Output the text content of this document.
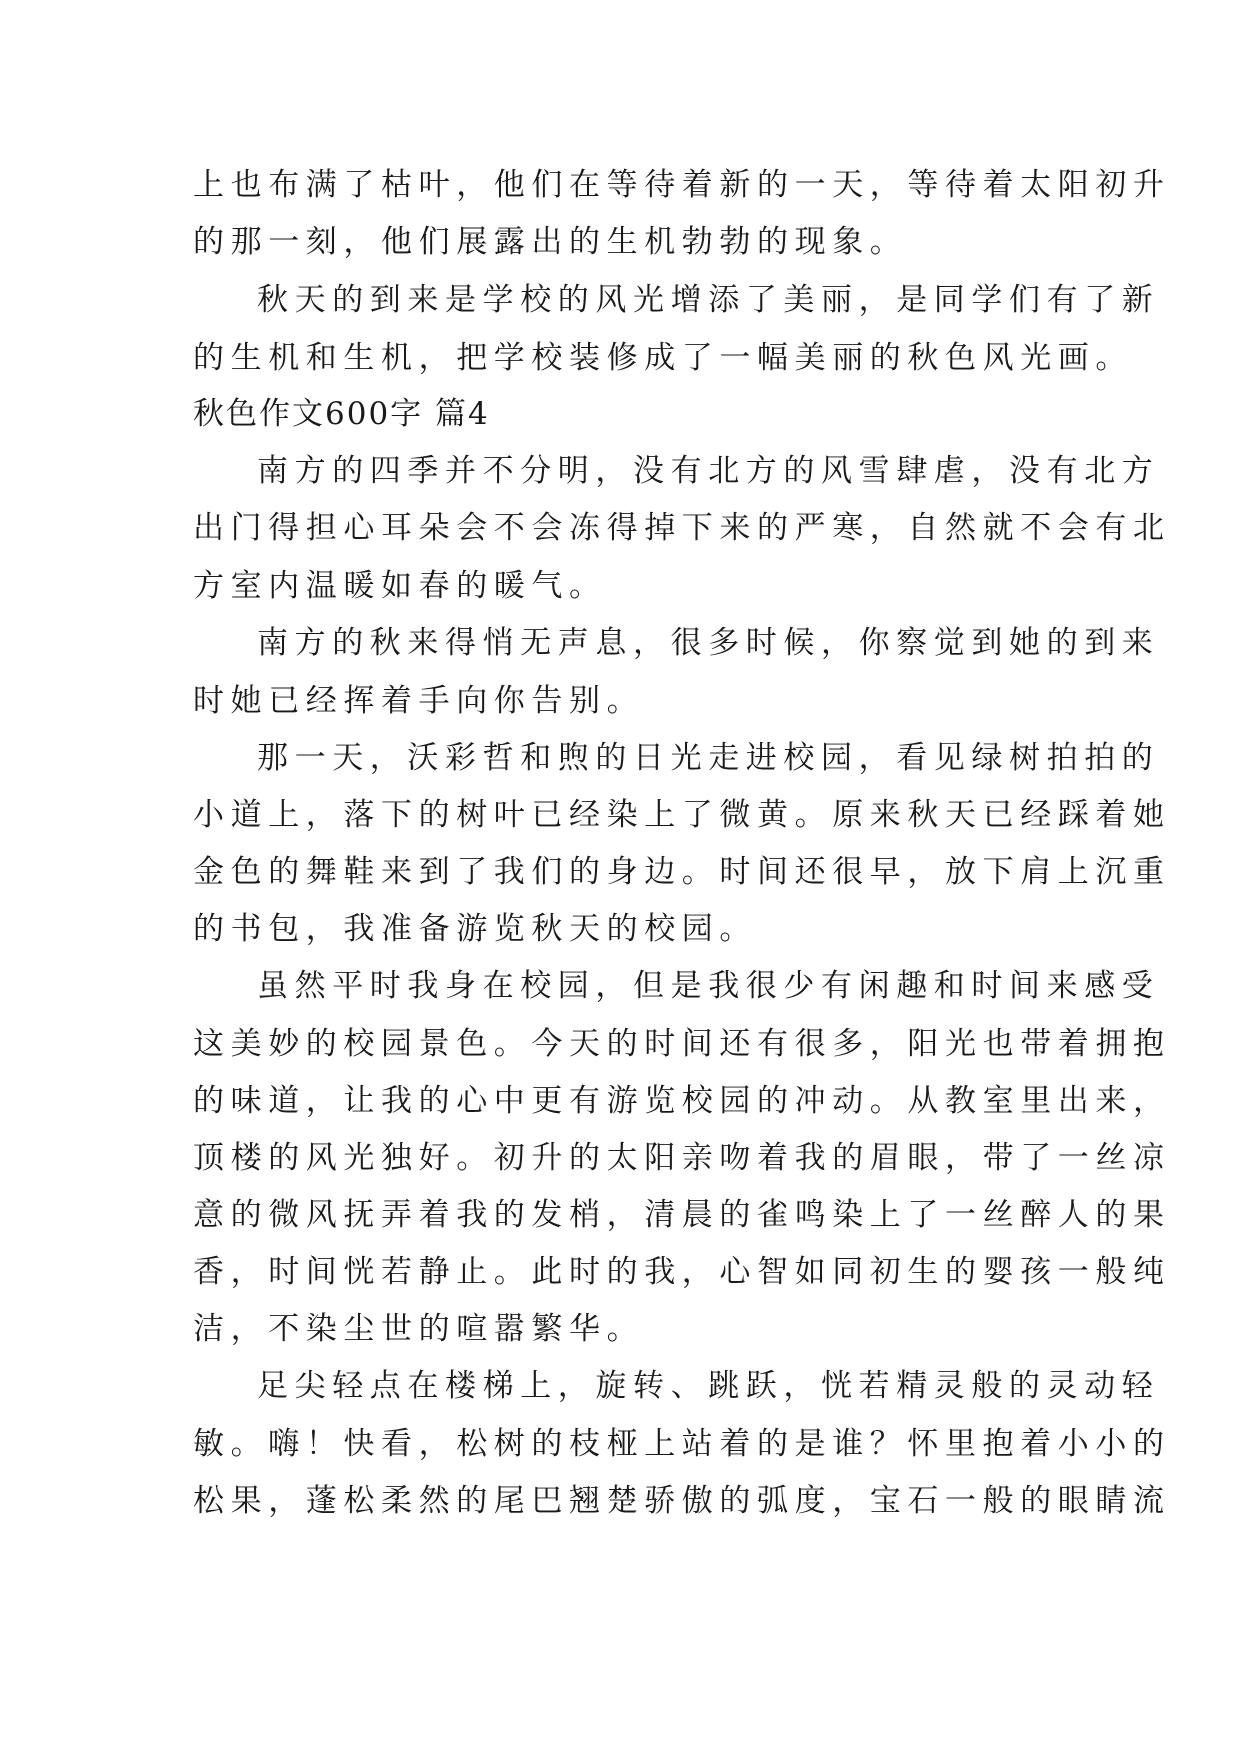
上也布满了枯叶，他们在等待着新的一天，等待着太阳初升
的那一刻，他们展露出的生机勃勃的现象。
秋天的到来是学校的风光增添了美丽，是同学们有了新
的生机和生机，把学校装修成了一幅美丽的秋色风光画。
秋色作文600字 篇4
南方的四季并不分明，没有北方的风雪肆虐，没有北方
出门得担心耳朵会不会冻得掉下来的严寒，自然就不会有北
方室内温暖如春的暖气。
南方的秋来得悄无声息，很多时候，你察觉到她的到来
时她已经挥着手向你告别。
那一天，沃彩哲和煦的日光走进校园，看见绿树拍拍的
小道上，落下的树叶已经染上了微黄。原来秋天已经踩着她
金色的舞鞋来到了我们的身边。时间还很早，放下肩上沉重
的书包，我准备游览秋天的校园。
虽然平时我身在校园，但是我很少有闲趣和时间来感受
这美妙的校园景色。今天的时间还有很多，阳光也带着拥抱
的味道，让我的心中更有游览校园的冲动。从教室里出来，
顶楼的风光独好。初升的太阳亲吻着我的眉眼，带了一丝凉
意的微风抚弄着我的发梢，清晨的雀鸣染上了一丝醉人的果
香，时间恍若静止。此时的我，心智如同初生的婴孩一般纯
洁，不染尘世的喧嚣繁华。
足尖轻点在楼梯上，旋转、跳跃，恍若精灵般的灵动轻
敏。嗨！快看，松树的枝桠上站着的是谁？怀里抱着小小的
松果，蓬松柔然的尾巴翘楚骄傲的弧度，宝石一般的眼睛流
